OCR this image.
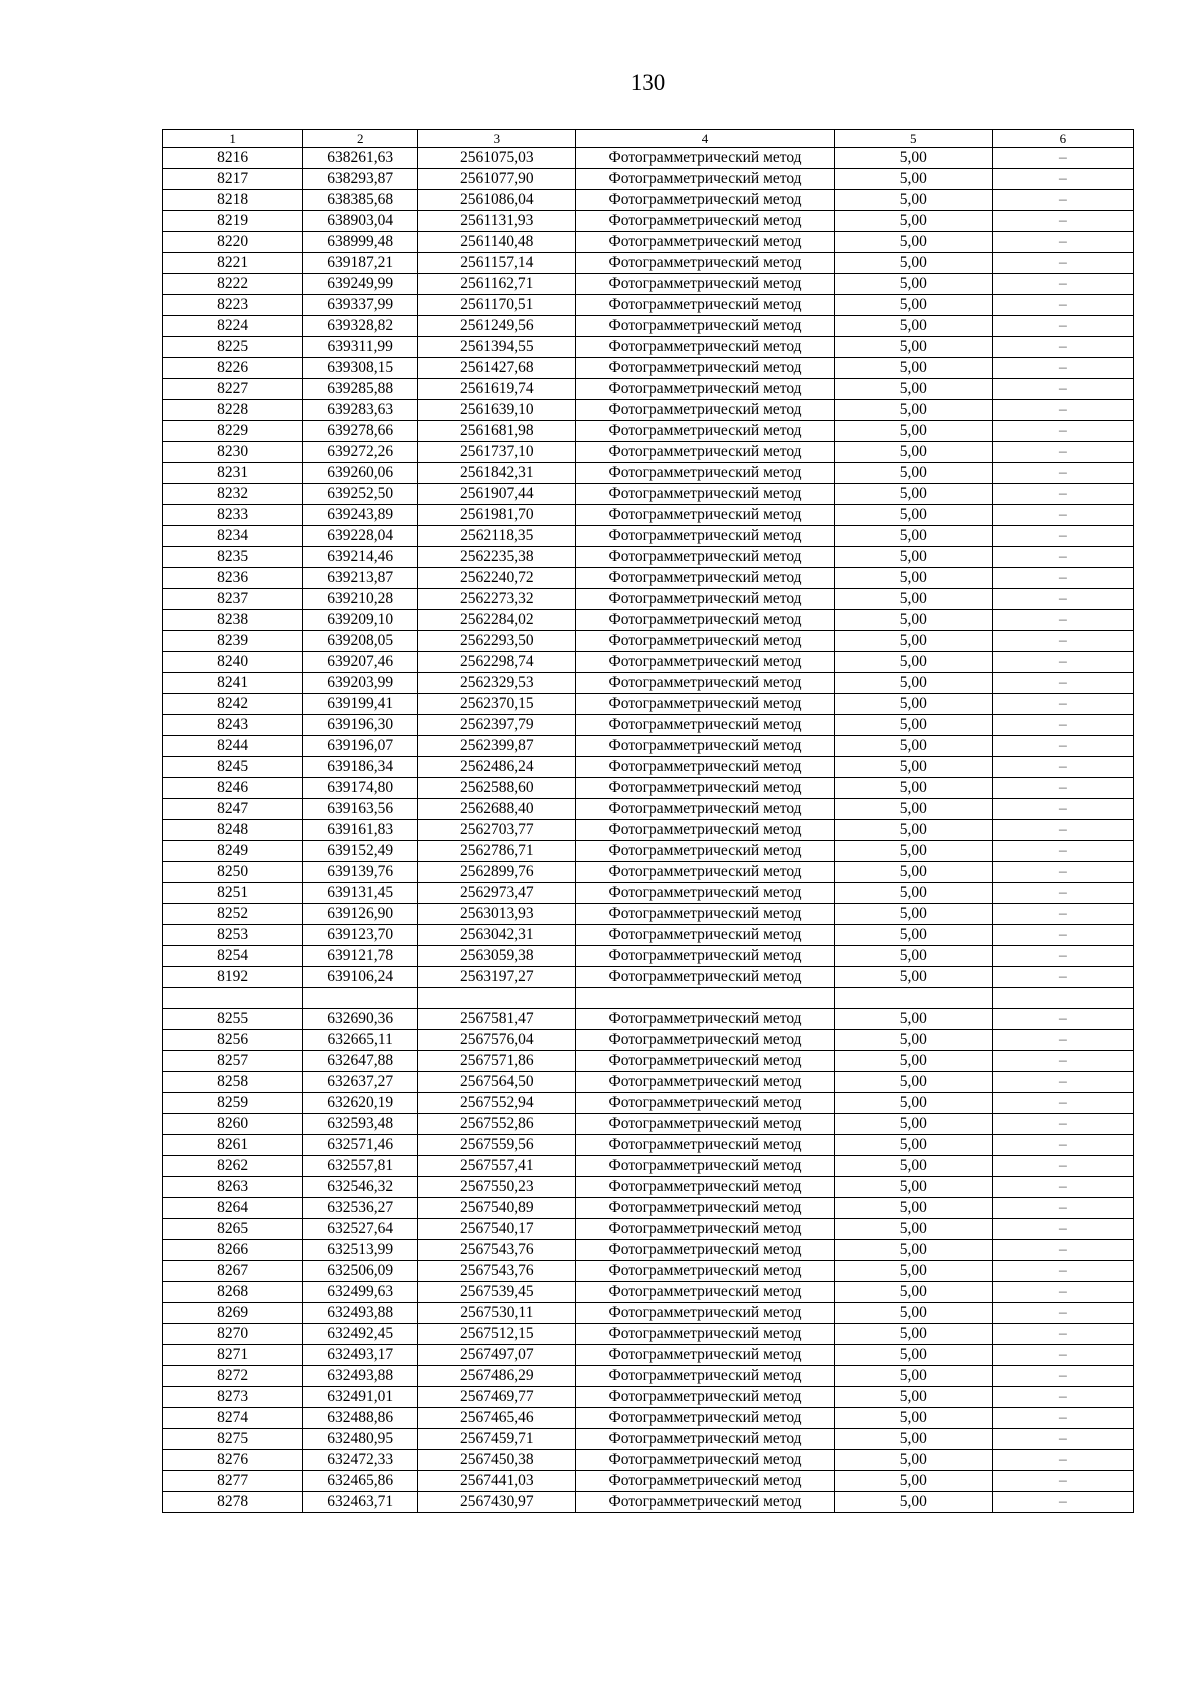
130
1	2	3	4	5	6
8216	638261,63	2561075,03	Фотограмметрический метод	5,00	–
8217	638293,87	2561077,90	Фотограмметрический метод	5,00	–
8218	638385,68	2561086,04	Фотограмметрический метод	5,00	–
8219	638903,04	2561131,93	Фотограмметрический метод	5,00	–
8220	638999,48	2561140,48	Фотограмметрический метод	5,00	–
8221	639187,21	2561157,14	Фотограмметрический метод	5,00	–
8222	639249,99	2561162,71	Фотограмметрический метод	5,00	–
8223	639337,99	2561170,51	Фотограмметрический метод	5,00	–
8224	639328,82	2561249,56	Фотограмметрический метод	5,00	–
8225	639311,99	2561394,55	Фотограмметрический метод	5,00	–
8226	639308,15	2561427,68	Фотограмметрический метод	5,00	–
8227	639285,88	2561619,74	Фотограмметрический метод	5,00	–
8228	639283,63	2561639,10	Фотограмметрический метод	5,00	–
8229	639278,66	2561681,98	Фотограмметрический метод	5,00	–
8230	639272,26	2561737,10	Фотограмметрический метод	5,00	–
8231	639260,06	2561842,31	Фотограмметрический метод	5,00	–
8232	639252,50	2561907,44	Фотограмметрический метод	5,00	–
8233	639243,89	2561981,70	Фотограмметрический метод	5,00	–
8234	639228,04	2562118,35	Фотограмметрический метод	5,00	–
8235	639214,46	2562235,38	Фотограмметрический метод	5,00	–
8236	639213,87	2562240,72	Фотограмметрический метод	5,00	–
8237	639210,28	2562273,32	Фотограмметрический метод	5,00	–
8238	639209,10	2562284,02	Фотограмметрический метод	5,00	–
8239	639208,05	2562293,50	Фотограмметрический метод	5,00	–
8240	639207,46	2562298,74	Фотограмметрический метод	5,00	–
8241	639203,99	2562329,53	Фотограмметрический метод	5,00	–
8242	639199,41	2562370,15	Фотограмметрический метод	5,00	–
8243	639196,30	2562397,79	Фотограмметрический метод	5,00	–
8244	639196,07	2562399,87	Фотограмметрический метод	5,00	–
8245	639186,34	2562486,24	Фотограмметрический метод	5,00	–
8246	639174,80	2562588,60	Фотограмметрический метод	5,00	–
8247	639163,56	2562688,40	Фотограмметрический метод	5,00	–
8248	639161,83	2562703,77	Фотограмметрический метод	5,00	–
8249	639152,49	2562786,71	Фотограмметрический метод	5,00	–
8250	639139,76	2562899,76	Фотограмметрический метод	5,00	–
8251	639131,45	2562973,47	Фотограмметрический метод	5,00	–
8252	639126,90	2563013,93	Фотограмметрический метод	5,00	–
8253	639123,70	2563042,31	Фотограмметрический метод	5,00	–
8254	639121,78	2563059,38	Фотограмметрический метод	5,00	–
8192	639106,24	2563197,27	Фотограмметрический метод	5,00	–

8255	632690,36	2567581,47	Фотограмметрический метод	5,00	–
8256	632665,11	2567576,04	Фотограмметрический метод	5,00	–
8257	632647,88	2567571,86	Фотограмметрический метод	5,00	–
8258	632637,27	2567564,50	Фотограмметрический метод	5,00	–
8259	632620,19	2567552,94	Фотограмметрический метод	5,00	–
8260	632593,48	2567552,86	Фотограмметрический метод	5,00	–
8261	632571,46	2567559,56	Фотограмметрический метод	5,00	–
8262	632557,81	2567557,41	Фотограмметрический метод	5,00	–
8263	632546,32	2567550,23	Фотограмметрический метод	5,00	–
8264	632536,27	2567540,89	Фотограмметрический метод	5,00	–
8265	632527,64	2567540,17	Фотограмметрический метод	5,00	–
8266	632513,99	2567543,76	Фотограмметрический метод	5,00	–
8267	632506,09	2567543,76	Фотограмметрический метод	5,00	–
8268	632499,63	2567539,45	Фотограмметрический метод	5,00	–
8269	632493,88	2567530,11	Фотограмметрический метод	5,00	–
8270	632492,45	2567512,15	Фотограмметрический метод	5,00	–
8271	632493,17	2567497,07	Фотограмметрический метод	5,00	–
8272	632493,88	2567486,29	Фотограмметрический метод	5,00	–
8273	632491,01	2567469,77	Фотограмметрический метод	5,00	–
8274	632488,86	2567465,46	Фотограмметрический метод	5,00	–
8275	632480,95	2567459,71	Фотограмметрический метод	5,00	–
8276	632472,33	2567450,38	Фотограмметрический метод	5,00	–
8277	632465,86	2567441,03	Фотограмметрический метод	5,00	–
8278	632463,71	2567430,97	Фотограмметрический метод	5,00	–
